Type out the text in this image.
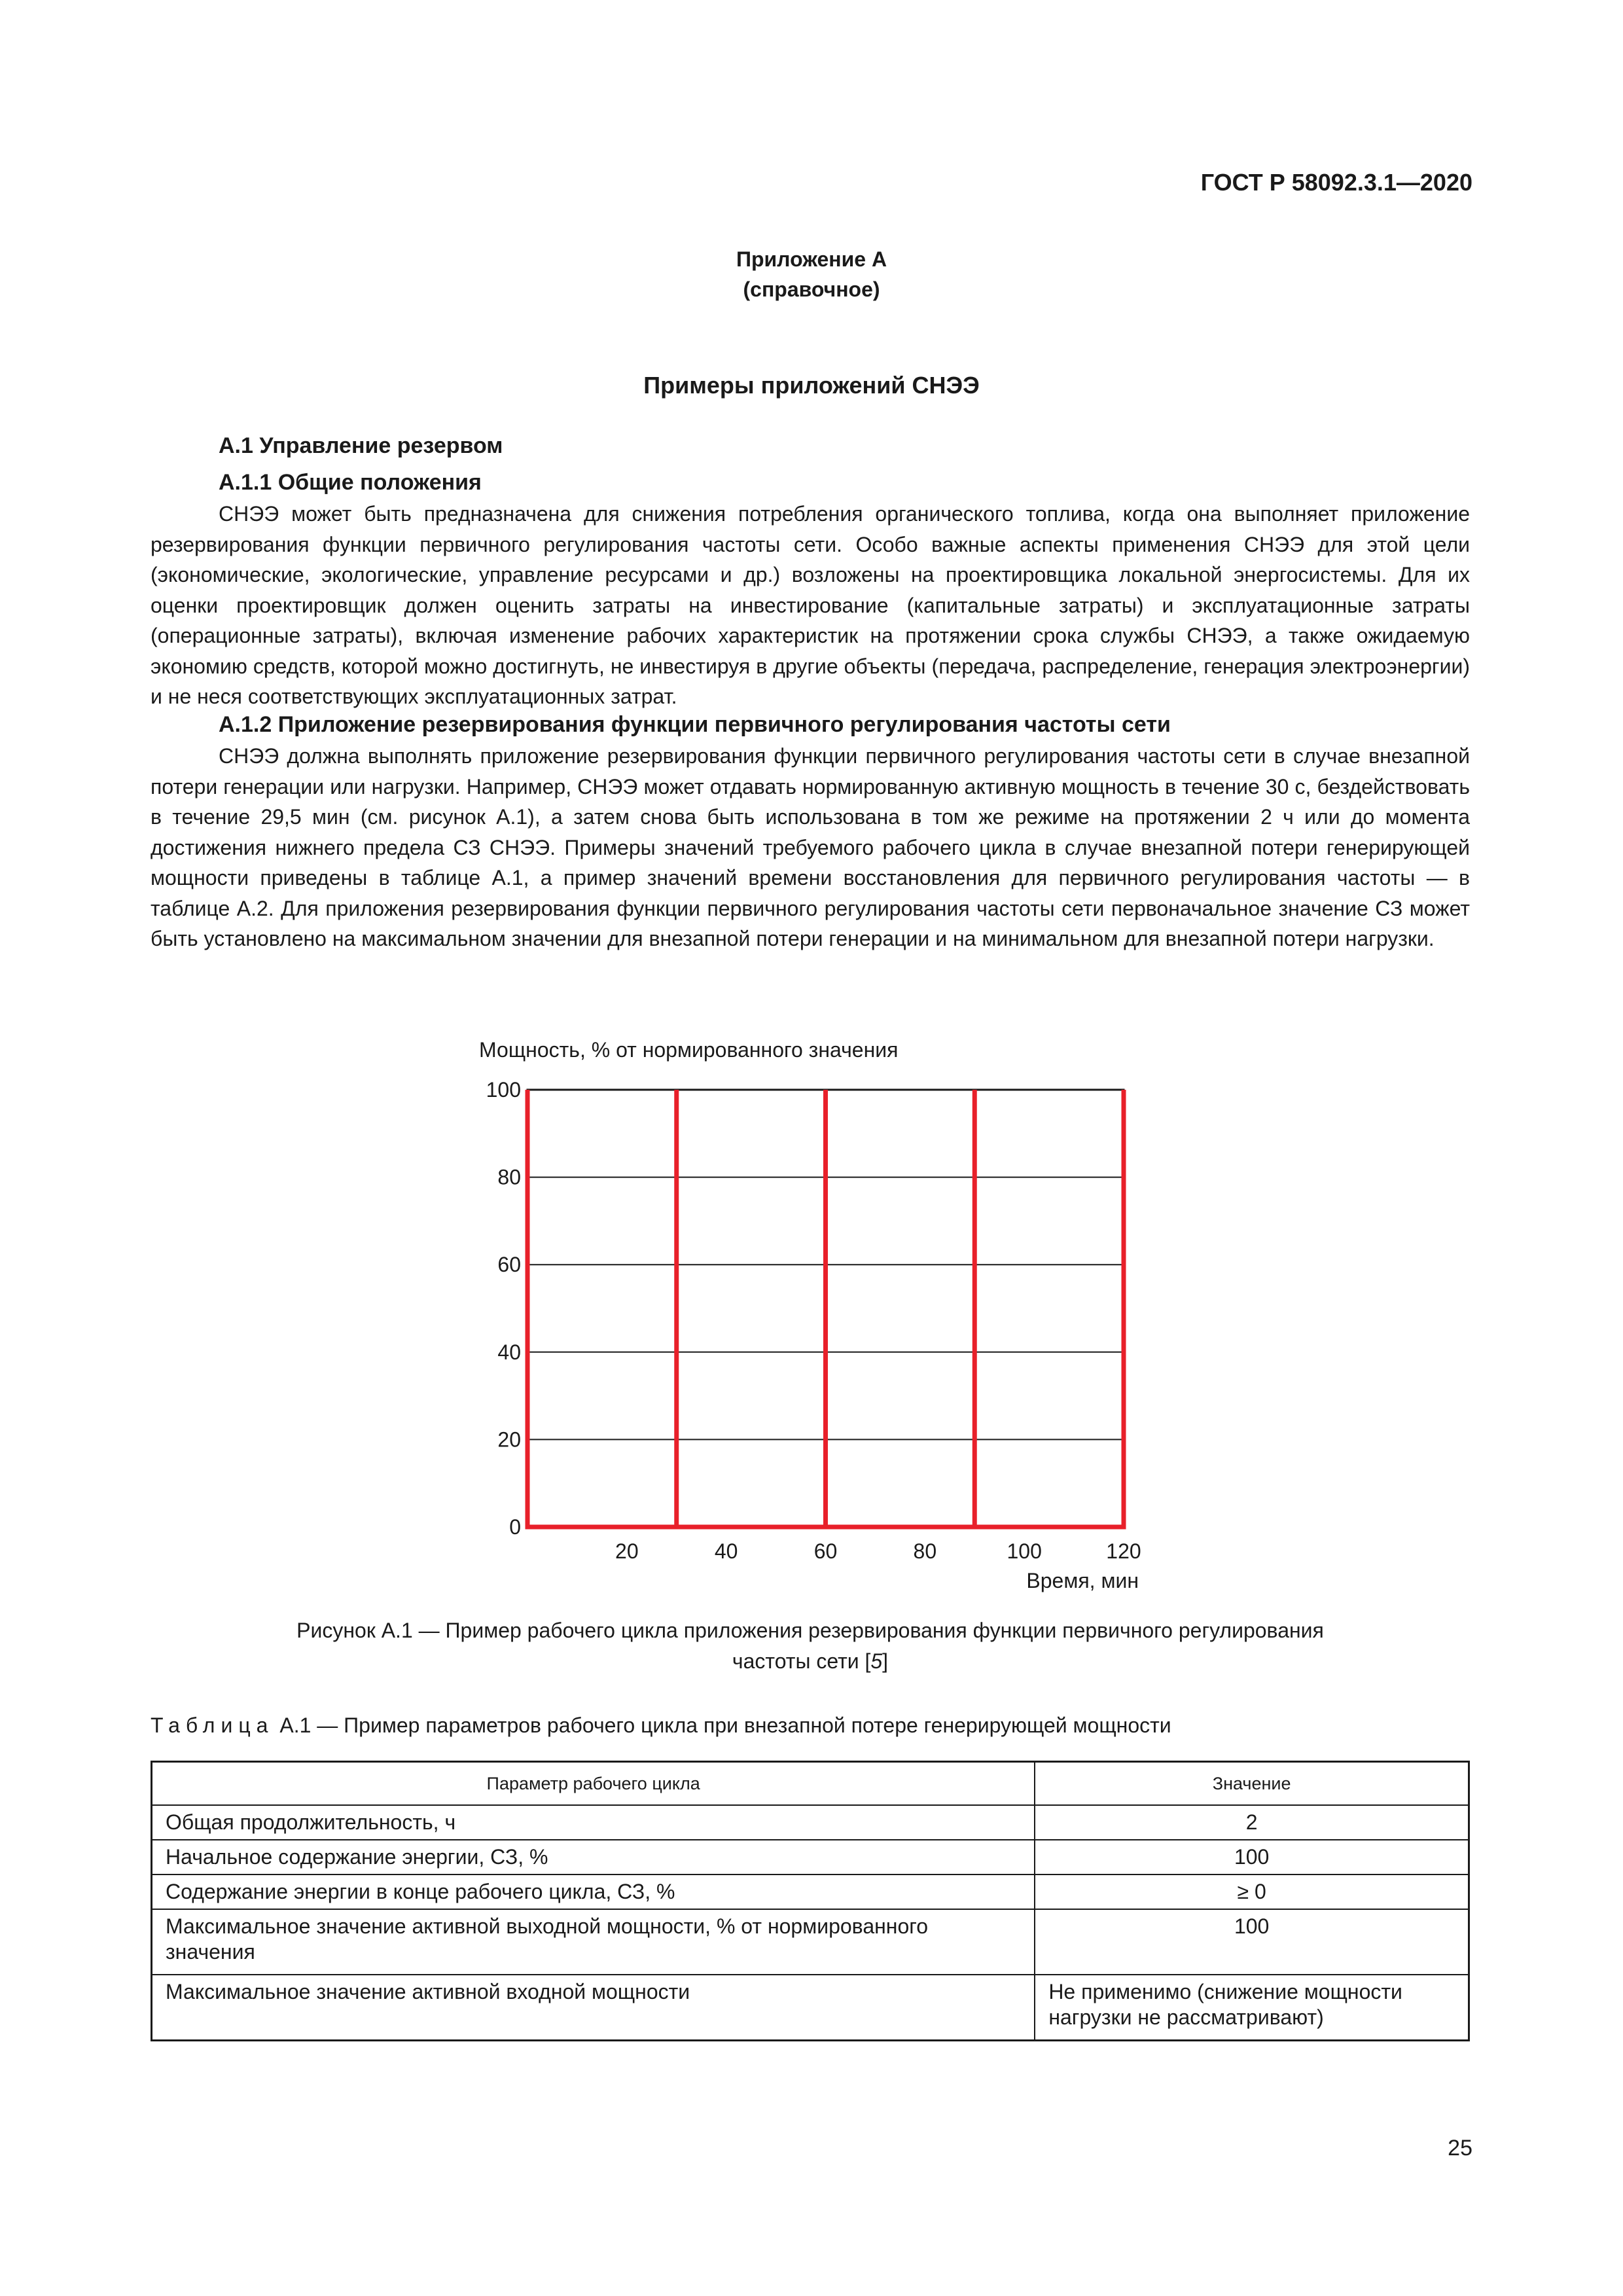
ГОСТ Р 58092.3.1—2020
Приложение А
(справочное)
Примеры приложений СНЭЭ
А.1 Управление резервом
А.1.1 Общие положения
СНЭЭ может быть предназначена для снижения потребления органического топлива, когда она выполняет приложение резервирования функции первичного регулирования частоты сети. Особо важные аспекты применения СНЭЭ для этой цели (экономические, экологические, управление ресурсами и др.) возложены на проектировщика локальной энергосистемы. Для их оценки проектировщик должен оценить затраты на инвестирование (капитальные затраты) и эксплуатационные затраты (операционные затраты), включая изменение рабочих характеристик на протяжении срока службы СНЭЭ, а также ожидаемую экономию средств, которой можно достигнуть, не инвестируя в другие объекты (передача, распределение, генерация электроэнергии) и не неся соответствующих эксплуатационных затрат.
А.1.2 Приложение резервирования функции первичного регулирования частоты сети
СНЭЭ должна выполнять приложение резервирования функции первичного регулирования частоты сети в случае внезапной потери генерации или нагрузки. Например, СНЭЭ может отдавать нормированную активную мощность в течение 30 с, бездействовать в течение 29,5 мин (см. рисунок А.1), а затем снова быть использована в том же режиме на протяжении 2 ч или до момента достижения нижнего предела СЗ СНЭЭ. Примеры значений требуемого рабочего цикла в случае внезапной потери генерирующей мощности приведены в таблице А.1, а пример значений времени восстановления для первичного регулирования частоты — в таблице А.2. Для приложения резервирования функции первичного регулирования частоты сети первоначальное значение СЗ может быть установлено на максимальном значении для внезапной потери генерации и на минимальном для внезапной потери нагрузки.
Мощность, % от нормированного значения
0
20
40
60
80
100
20	40	60	80	100	120
Время, мин
Рисунок А.1 — Пример рабочего цикла приложения резервирования функции первичного регулирования
частоты сети [5]
Таблица А.1 — Пример параметров рабочего цикла при внезапной потере генерирующей мощности
Параметр рабочего цикла	Значение
Общая продолжительность, ч	2
Начальное содержание энергии, СЗ, %	100
Содержание энергии в конце рабочего цикла, СЗ, %	≥ 0
Максимальное значение активной выходной мощности, % от нормированного значения	100
Максимальное значение активной входной мощности	Не применимо (снижение мощности нагрузки не рассматривают)
25
